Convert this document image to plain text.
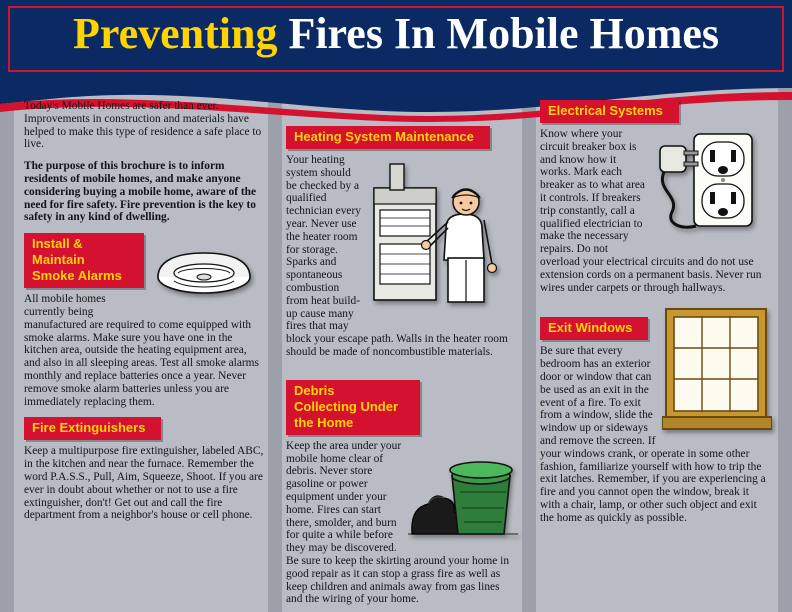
Preventing Fires In Mobile Homes

Today's Mobile Homes are safer than ever. Improvements in construction and materials have helped to make this type of residence a safe place to live.

The purpose of this brochure is to inform residents of mobile homes, and make anyone considering buying a mobile home, aware of the need for fire safety. Fire prevention is the key to safety in any kind of dwelling.

Install &
Maintain
Smoke Alarms

All mobile homes currently being manufactured are required to come equipped with smoke alarms. Make sure you have one in the kitchen area, outside the heating equipment area, and also in all sleeping areas. Test all smoke alarms monthly and replace batteries once a year. Never remove smoke alarm batteries unless you are immediately replacing them.

Fire Extinguishers

Keep a multipurpose fire extinguisher, labeled ABC, in the kitchen and near the furnace. Remember the word P.A.S.S., Pull, Aim, Squeeze, Shoot. If you are ever in doubt about whether or not to use a fire extinguisher, don't! Get out and call the fire department from a neighbor's house or cell phone.

Heating System Maintenance

Your heating system should be checked by a qualified technician every year. Never use the heater room for storage. Sparks and spontaneous combustion from heat build-up cause many fires that may block your escape path. Walls in the heater room should be made of noncombustible materials.

Debris
Collecting Under
the Home

Keep the area under your mobile home clear of debris. Never store gasoline or power equipment under your home. Fires can start there, smolder, and burn for quite a while before they may be discovered. Be sure to keep the skirting around your home in good repair as it can stop a grass fire as well as keep children and animals away from gas lines and the wiring of your home.

Electrical Systems

Know where your circuit breaker box is and know how it works. Mark each breaker as to what area it controls. If breakers trip constantly, call a qualified electrician to make the necessary repairs. Do not overload your electrical circuits and do not use extension cords on a permanent basis. Never run wires under carpets or through hallways.

Exit Windows

Be sure that every bedroom has an exterior door or window that can be used as an exit in the event of a fire. To exit from a window, slide the window up or sideways and remove the screen. If your windows crank, or operate in some other fashion, familiarize yourself with how to trip the exit latches. Remember, if you are experiencing a fire and you cannot open the window, break it with a chair, lamp, or other such object and exit the home as quickly as possible.
